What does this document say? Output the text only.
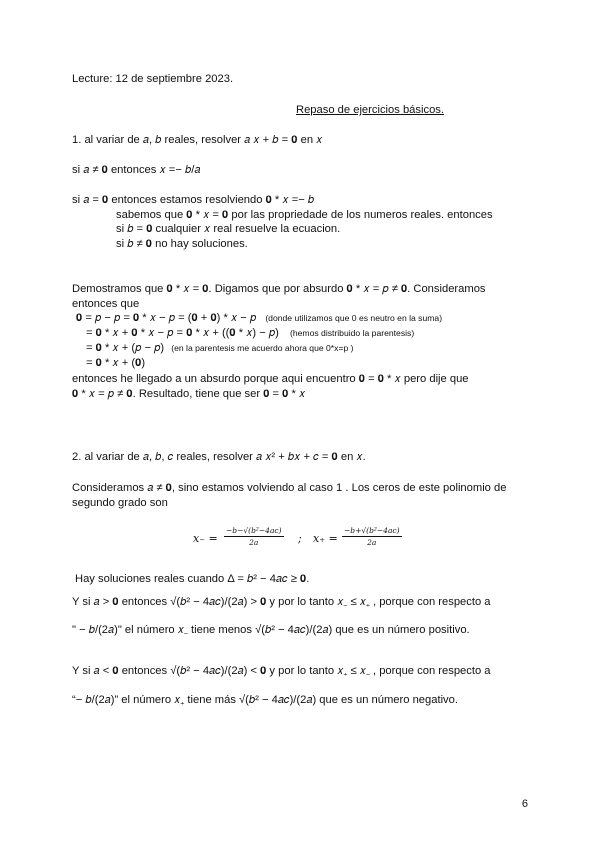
Lecture: 12 de septiembre 2023.
Repaso de ejercicios básicos.
1. al variar de 𝑎, 𝑏 reales, resolver 𝑎 𝑥 + 𝑏 = 𝟎 en 𝑥
si 𝑎 ≠ 𝟎 entonces 𝑥 =− 𝑏/𝑎
si 𝑎 = 𝟎 entonces estamos resolviendo 𝟎 * 𝑥 =− 𝑏
sabemos que 𝟎 * 𝑥 = 𝟎 por las propriedade de los numeros reales. entonces
si 𝑏 = 𝟎 cualquier 𝑥 real resuelve la ecuacion.
si 𝑏 ≠ 𝟎 no hay soluciones.
Demostramos que 𝟎 * 𝑥 = 𝟎. Digamos que por absurdo 𝟎 * 𝑥 = 𝑝 ≠ 𝟎. Consideramos
entonces que
𝟎 = 𝑝 − 𝑝 = 𝟎 * 𝑥 − 𝑝 = (𝟎 + 𝟎) * 𝑥 − 𝑝 (donde utilizamos que 0 es neutro en la suma)
= 𝟎 * 𝑥 + 𝟎 * 𝑥 − 𝑝 = 𝟎 * 𝑥 + ((𝟎 * 𝑥) − 𝑝) (hemos distribuido la parentesis)
= 𝟎 * 𝑥 + (𝑝 − 𝑝) (en la parentesis me acuerdo ahora que 0*x=p )
= 𝟎 * 𝑥 + (𝟎)
entonces he llegado a un absurdo porque aqui encuentro 𝟎 = 𝟎 * 𝑥 pero dije que
𝟎 * 𝑥 = 𝑝 ≠ 𝟎. Resultado, tiene que ser 𝟎 = 𝟎 * 𝑥
2. al variar de 𝑎, 𝑏, 𝑐 reales, resolver 𝑎 𝑥² + 𝑏𝑥 + 𝑐 = 𝟎 en 𝑥.
Consideramos 𝑎 ≠ 𝟎, sino estamos volviendo al caso 1 . Los ceros de este polinomio de
segundo grado son
𝑥₋ =
−𝑏−√(𝑏²−4𝑎𝑐)
2𝑎	; 𝑥₊ =
−𝑏+√(𝑏²−4𝑎𝑐)
2𝑎
Hay soluciones reales cuando Δ = 𝑏² − 4𝑎𝑐 ≥ 𝟎.
Y si 𝑎 > 𝟎 entonces √(𝑏² − 4𝑎𝑐)/(2𝑎) > 𝟎 y por lo tanto 𝑥₋ ≤ 𝑥₊ , porque con respecto a
" − 𝑏/(2𝑎)" el número 𝑥₋ tiene menos √(𝑏² − 4𝑎𝑐)/(2𝑎) que es un número positivo.
Y si 𝑎 < 𝟎 entonces √(𝑏² − 4𝑎𝑐)/(2𝑎) < 𝟎 y por lo tanto 𝑥₊ ≤ 𝑥₋ , porque con respecto a
“− 𝑏/(2𝑎)” el número 𝑥₊ tiene más √(𝑏² − 4𝑎𝑐)/(2𝑎) que es un número negativo.
6
